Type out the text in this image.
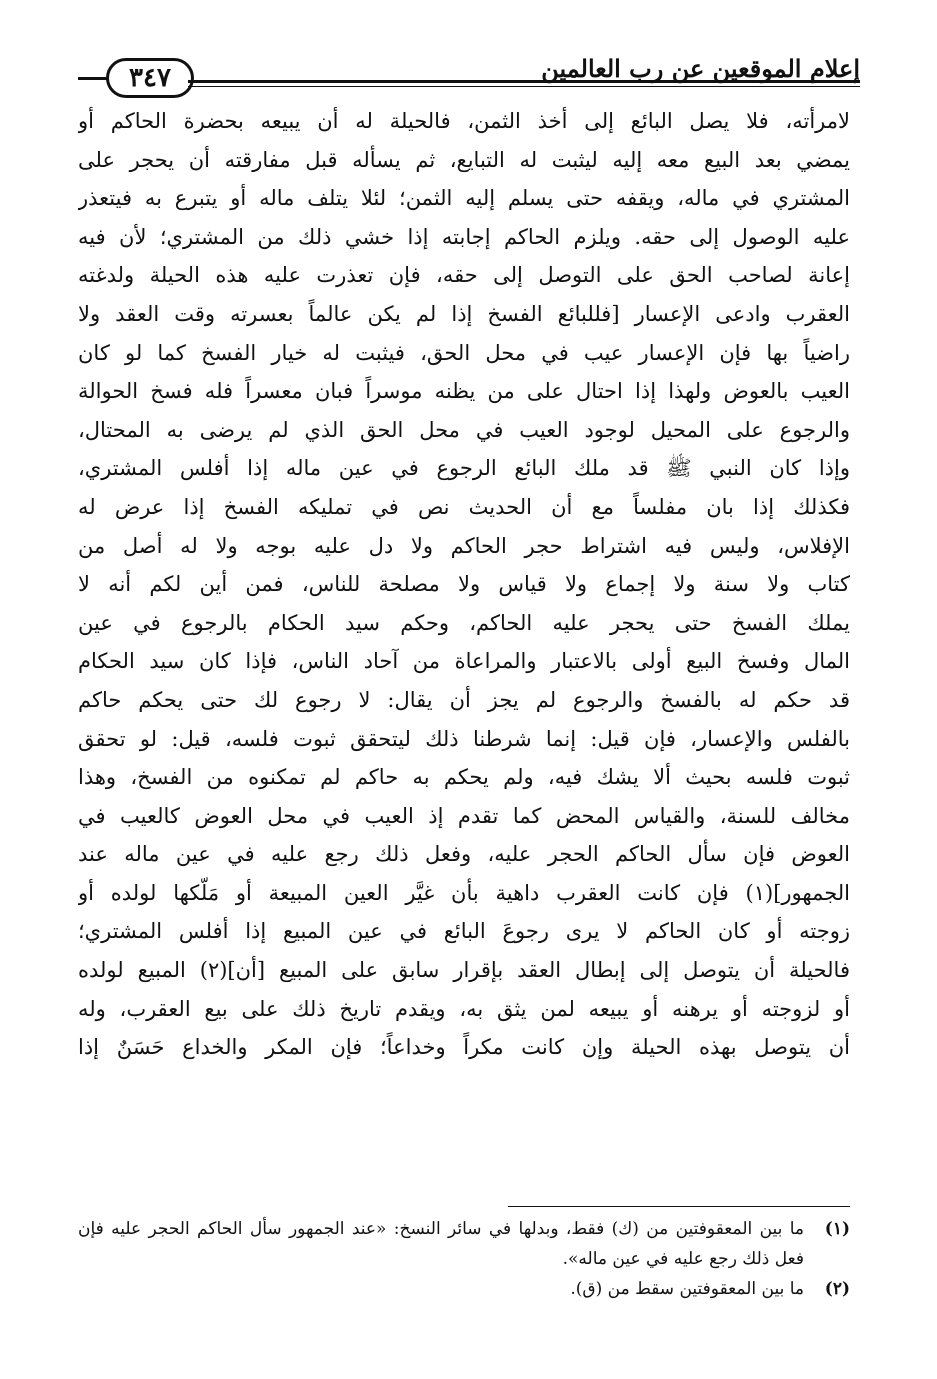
٣٤٧	إعلام الموقعين عن رب العالمين
لامرأته، فلا يصل البائع إلى أخذ الثمن، فالحيلة له أن يبيعه بحضرة الحاكم أو
يمضي بعد البيع معه إليه ليثبت له التبايع، ثم يسأله قبل مفارقته أن يحجر على
المشتري في ماله، ويقفه حتى يسلم إليه الثمن؛ لئلا يتلف ماله أو يتبرع به فيتعذر
عليه الوصول إلى حقه. ويلزم الحاكم إجابته إذا خشي ذلك من المشتري؛ لأن فيه
إعانة لصاحب الحق على التوصل إلى حقه، فإن تعذرت عليه هذه الحيلة ولدغته
العقرب وادعى الإعسار [فللبائع الفسخ إذا لم يكن عالماً بعسرته وقت العقد ولا
راضياً بها فإن الإعسار عيب في محل الحق، فيثبت له خيار الفسخ كما لو كان
العيب بالعوض ولهذا إذا احتال على من يظنه موسراً فبان معسراً فله فسخ الحوالة
والرجوع على المحيل لوجود العيب في محل الحق الذي لم يرضى به المحتال،
وإذا كان النبي ﷺ قد ملك البائع الرجوع في عين ماله إذا أفلس المشتري،
فكذلك إذا بان مفلساً مع أن الحديث نص في تمليكه الفسخ إذا عرض له
الإفلاس، وليس فيه اشتراط حجر الحاكم ولا دل عليه بوجه ولا له أصل من
كتاب ولا سنة ولا إجماع ولا قياس ولا مصلحة للناس، فمن أين لكم أنه لا
يملك الفسخ حتى يحجر عليه الحاكم، وحكم سيد الحكام بالرجوع في عين
المال وفسخ البيع أولى بالاعتبار والمراعاة من آحاد الناس، فإذا كان سيد الحكام
قد حكم له بالفسخ والرجوع لم يجز أن يقال: لا رجوع لك حتى يحكم حاكم
بالفلس والإعسار، فإن قيل: إنما شرطنا ذلك ليتحقق ثبوت فلسه، قيل: لو تحقق
ثبوت فلسه بحيث ألا يشك فيه، ولم يحكم به حاكم لم تمكنوه من الفسخ، وهذا
مخالف للسنة، والقياس المحض كما تقدم إذ العيب في محل العوض كالعيب في
العوض فإن سأل الحاكم الحجر عليه، وفعل ذلك رجع عليه في عين ماله عند
الجمهور](١) فإن كانت العقرب داهية بأن غيَّر العين المبيعة أو مَلّكها لولده أو
زوجته أو كان الحاكم لا يرى رجوعَ البائع في عين المبيع إذا أفلس المشتري؛
فالحيلة أن يتوصل إلى إبطال العقد بإقرار سابق على المبيع [أن](٢) المبيع لولده
أو لزوجته أو يرهنه أو يبيعه لمن يثق به، ويقدم تاريخ ذلك على بيع العقرب، وله
أن يتوصل بهذه الحيلة وإن كانت مكراً وخداعاً؛ فإن المكر والخداع حَسَنٌ إذا
(١)
ما بين المعقوفتين من (ك) فقط، وبدلها في سائر النسخ: «عند الجمهور سأل الحاكم الحجر عليه فإن فعل ذلك رجع عليه في عين ماله».
(٢)
ما بين المعقوفتين سقط من (ق).
